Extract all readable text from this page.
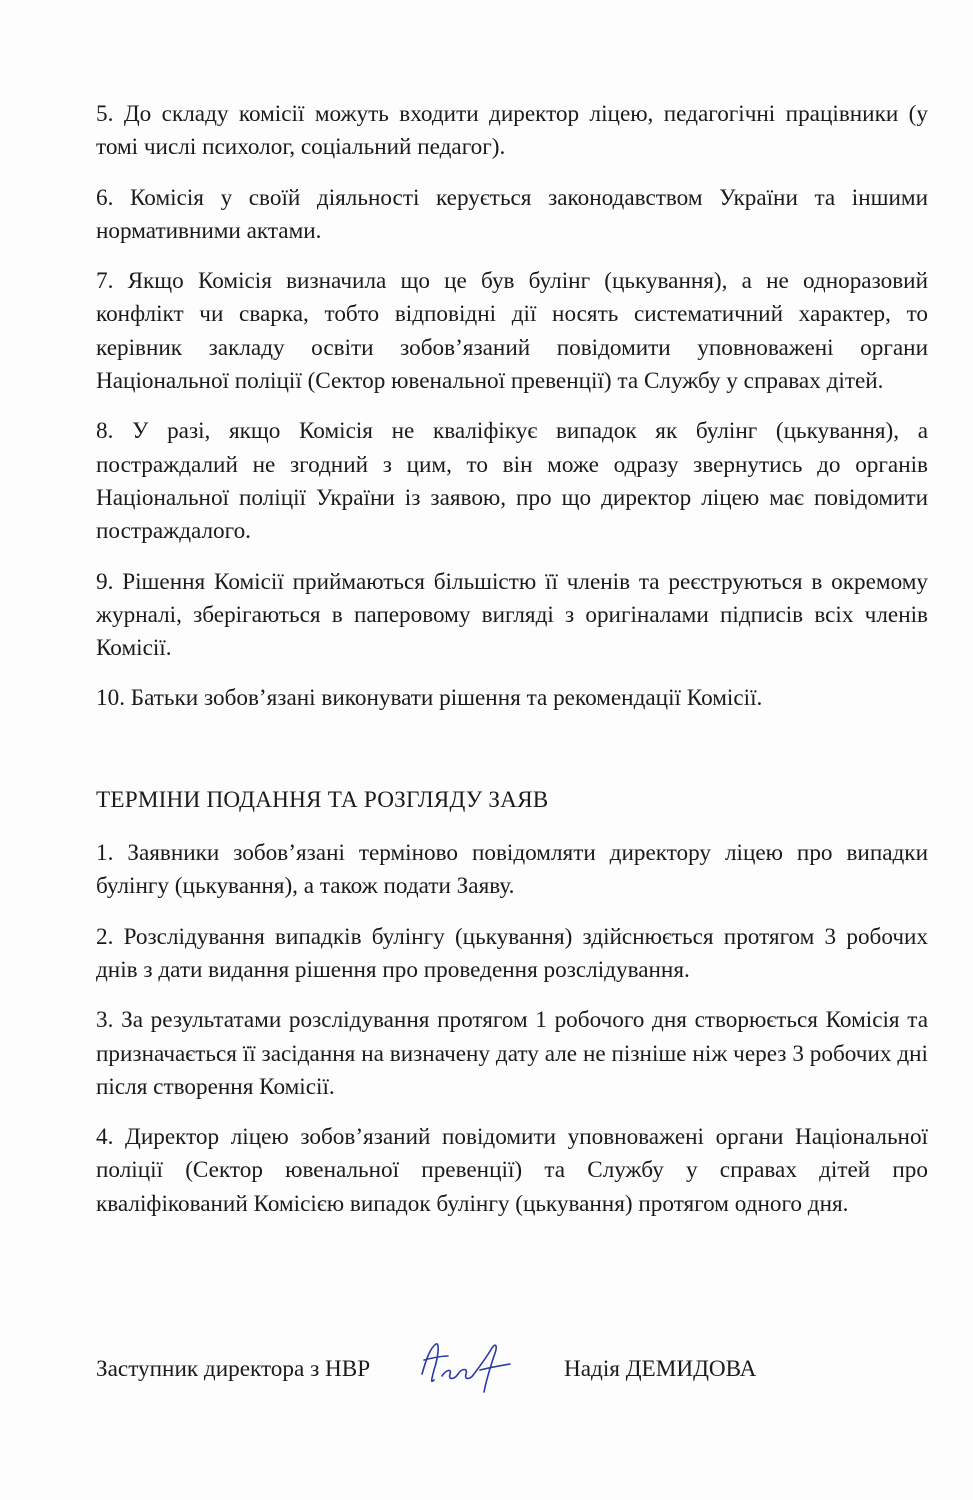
5. До складу комісії можуть входити директор ліцею, педагогічні працівники (у томі числі психолог, соціальний педагог).

6. Комісія у своїй діяльності керується законодавством України та іншими нормативними актами.

7. Якщо Комісія визначила що це був булінг (цькування), а не одноразовий конфлікт чи сварка, тобто відповідні дії носять систематичний характер, то керівник закладу освіти зобов’язаний повідомити уповноважені органи Національної поліції (Сектор ювенальної превенції) та Службу у справах дітей.

8. У разі, якщо Комісія не кваліфікує випадок як булінг (цькування), а постраждалий не згодний з цим, то він може одразу звернутись до органів Національної поліції України із заявою, про що директор ліцею має повідомити постраждалого.

9. Рішення Комісії приймаються більшістю її членів та реєструються в окремому журналі, зберігаються в паперовому вигляді з оригіналами підписів всіх членів Комісії.

10. Батьки зобов’язані виконувати рішення та рекомендації Комісії.

ТЕРМІНИ ПОДАННЯ ТА РОЗГЛЯДУ ЗАЯВ

1. Заявники зобов’язані терміново повідомляти директору ліцею про випадки булінгу (цькування), а також подати Заяву.

2. Розслідування випадків булінгу (цькування) здійснюється протягом 3 робочих днів з дати видання рішення про проведення розслідування.

3. За результатами розслідування протягом 1 робочого дня створюється Комісія та призначається її засідання на визначену дату але не пізніше ніж через 3 робочих дні після створення Комісії.

4. Директор ліцею зобов’язаний повідомити уповноважені органи Національної поліції (Сектор ювенальної превенції) та Службу у справах дітей про кваліфікований Комісією випадок булінгу (цькування) протягом одного дня.

Заступник директора з НВР	Надія ДЕМИДОВА
